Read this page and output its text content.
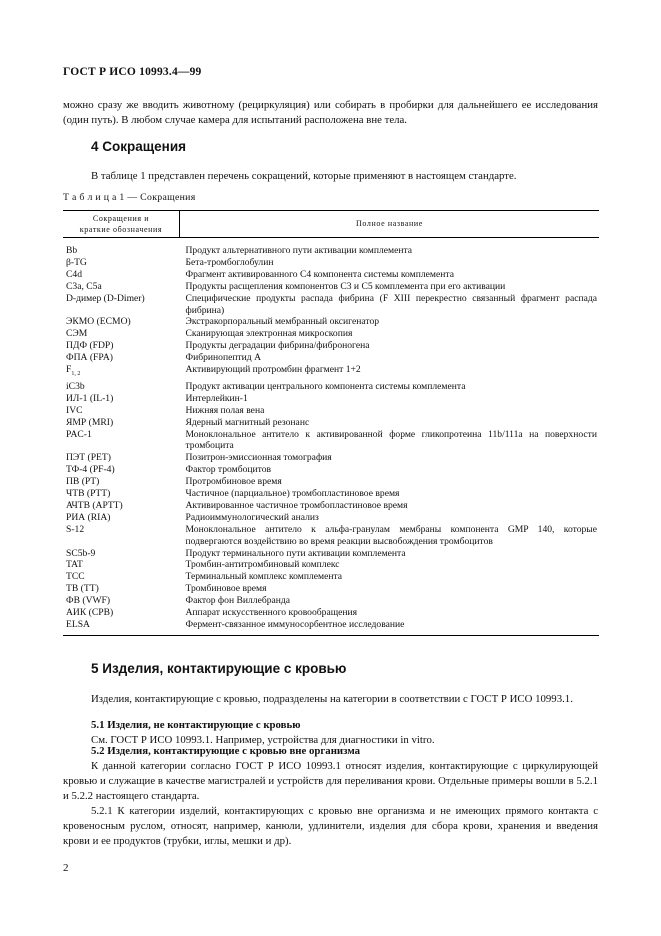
ГОСТ Р ИСО 10993.4—99
можно сразу же вводить животному (рециркуляция) или собирать в пробирки для дальнейшего ее исследования (один путь). В любом случае камера для испытаний расположена вне тела.
4 Сокращения
В таблице 1 представлен перечень сокращений, которые применяют в настоящем стандарте.
Т а б л и ц а 1 — Сокращения
Сокращения и
краткие обозначения	Полное название
Bb	Продукт альтернативного пути активации комплемента
β-TG	Бета-тромбоглобулин
C4d	Фрагмент активированного C4 компонента системы комплемента
C3a, C5a	Продукты расщепления компонентов C3 и C5 комплемента при его активации
D-димер (D-Dimer)	Специфические продукты распада фибрина (F XIII перекрестно связанный фрагмент распада фибрина)
ЭКМО (ECMO)	Экстракорпоральный мембранный оксигенатор
СЭМ	Сканирующая электронная микроскопия
ПДФ (FDP)	Продукты деградации фибрина/фиброногена
ФПА (FPA)	Фибринопептид А
$F_{1, 2}$	Активирующий протромбин фрагмент 1+2
iC3b	Продукт активации центрального компонента системы комплемента
ИЛ-1 (IL-1)	Интерлейкин-1
IVC	Нижняя полая вена
ЯМР (MRI)	Ядерный магнитный резонанс
PAC-1	Моноклональное антитело к активированной форме гликопротеина 11b/111a на поверхности тромбоцита
ПЭТ (PET)	Позитрон-эмиссионная томография
ТФ-4 (PF-4)	Фактор тромбоцитов
ПВ (PT)	Протромбиновое время
ЧТВ (PTT)	Частичное (парциальное) тромбопластиновое время
АЧТВ (APTT)	Активированное частичное тромбопластиновое время
РИА (RIA)	Радиоиммунологический анализ
S-12	Моноклональное антитело к альфа-гранулам мембраны компонента GMP 140, которые подвергаются воздействию во время реакции высвобождения тромбоцитов
SC5b-9	Продукт терминального пути активации комплемента
TAT	Тромбин-антитромбиновый комплекс
TCC	Терминальный комплекс комплемента
ТВ (TT)	Тромбиновое время
ФВ (VWF)	Фактор фон Виллебранда
АИК (CPB)	Аппарат искусственного кровообращения
ELSA	Фермент-связанное иммуносорбентное исследование
5 Изделия, контактирующие с кровью
Изделия, контактирующие с кровью, подразделены на категории в соответствии с ГОСТ Р ИСО 10993.1.
5.1 Изделия, не контактирующие с кровью
См. ГОСТ Р ИСО 10993.1. Например, устройства для диагностики in vitro.
5.2 Изделия, контактирующие с кровью вне организма
К данной категории согласно ГОСТ Р ИСО 10993.1 относят изделия, контактирующие с циркулирующей кровью и служащие в качестве магистралей и устройств для переливания крови. Отдельные примеры вошли в 5.2.1 и 5.2.2 настоящего стандарта.
5.2.1 К категории изделий, контактирующих с кровью вне организма и не имеющих прямого контакта с кровеносным руслом, относят, например, канюли, удлинители, изделия для сбора крови, хранения и введения крови и ее продуктов (трубки, иглы, мешки и др).
2
